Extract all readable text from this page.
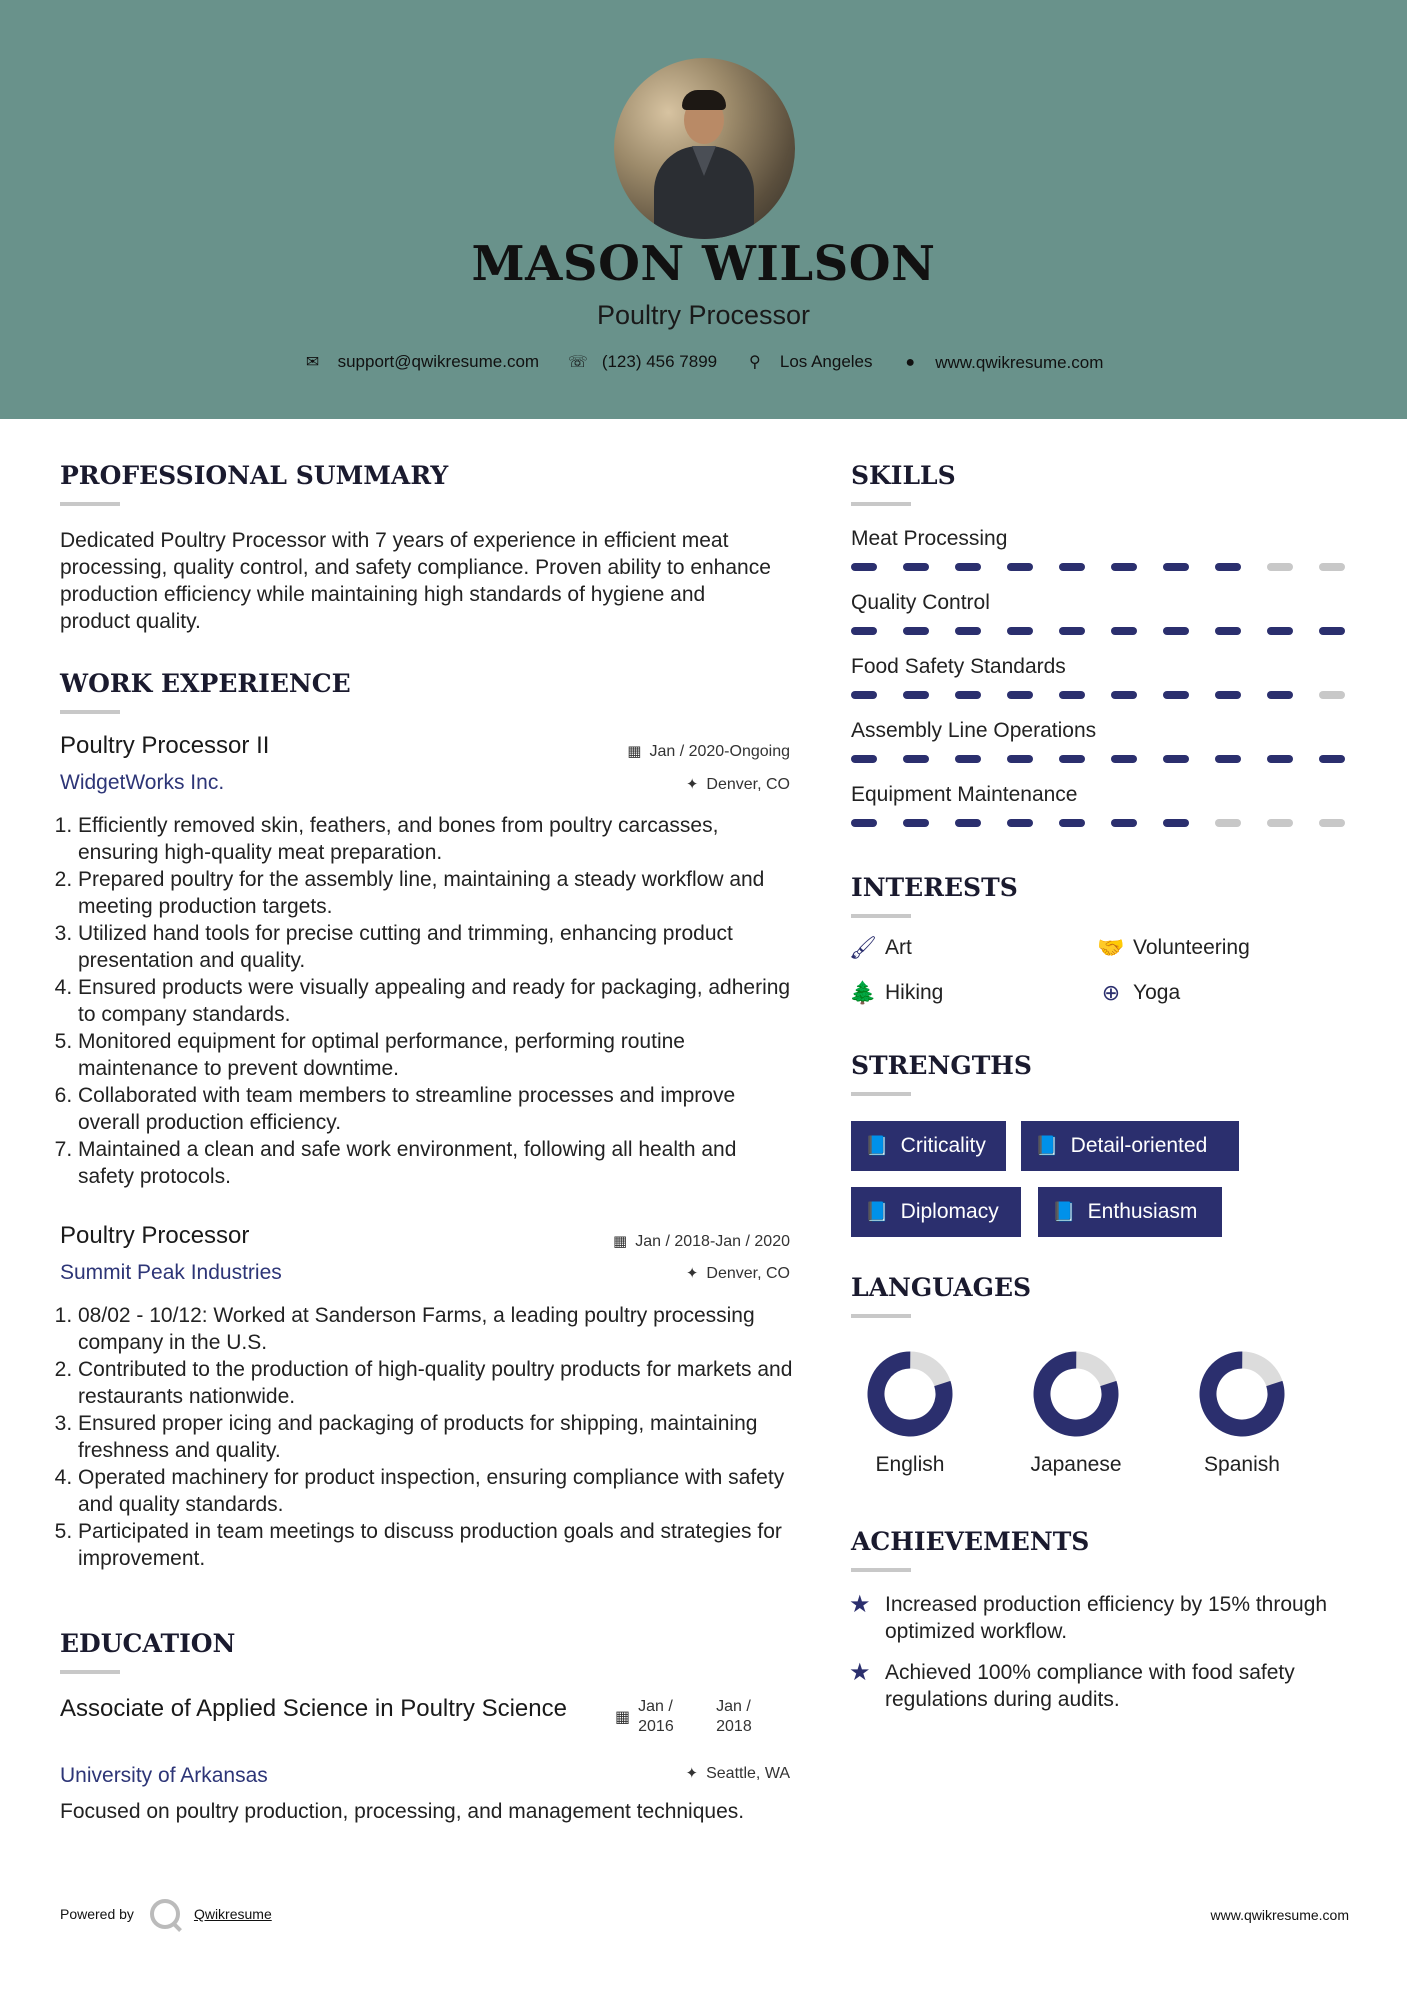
MASON WILSON
Poultry Processor
✉ support@qwikresume.com
☏ (123) 456 7899
⚲ Los Angeles
● www.qwikresume.com
PROFESSIONAL SUMMARY
Dedicated Poultry Processor with 7 years of experience in efficient meat processing, quality control, and safety compliance. Proven ability to enhance production efficiency while maintaining high standards of hygiene and product quality.
WORK EXPERIENCE
Poultry Processor II	▦ Jan / 2020-Ongoing
WidgetWorks Inc.	✦ Denver, CO
1. Efficiently removed skin, feathers, and bones from poultry carcasses, ensuring high-quality meat preparation.
2. Prepared poultry for the assembly line, maintaining a steady workflow and meeting production targets.
3. Utilized hand tools for precise cutting and trimming, enhancing product presentation and quality.
4. Ensured products were visually appealing and ready for packaging, adhering to company standards.
5. Monitored equipment for optimal performance, performing routine maintenance to prevent downtime.
6. Collaborated with team members to streamline processes and improve overall production efficiency.
7. Maintained a clean and safe work environment, following all health and safety protocols.
Poultry Processor	▦ Jan / 2018-Jan / 2020
Summit Peak Industries	✦ Denver, CO
1. 08/02 - 10/12: Worked at Sanderson Farms, a leading poultry processing company in the U.S.
2. Contributed to the production of high-quality poultry products for markets and restaurants nationwide.
3. Ensured proper icing and packaging of products for shipping, maintaining freshness and quality.
4. Operated machinery for product inspection, ensuring compliance with safety and quality standards.
5. Participated in team meetings to discuss production goals and strategies for improvement.
EDUCATION
Associate of Applied Science in Poultry Science	▦
Jan / 2016
Jan / 2018
University of Arkansas	✦ Seattle, WA
Focused on poultry production, processing, and management techniques.
SKILLS
Meat Processing
Quality Control
Food Safety Standards
Assembly Line Operations
Equipment Maintenance
INTERESTS
🖌 Art	🤝 Volunteering
🌲 Hiking	⊕ Yoga
STRENGTHS
📘 Criticality	📘 Detail-oriented
📘 Diplomacy	📘 Enthusiasm
LANGUAGES
English	Japanese	Spanish
ACHIEVEMENTS
★ Increased production efficiency by 15% through optimized workflow.
★ Achieved 100% compliance with food safety regulations during audits.
Powered by	Qwikresume	www.qwikresume.com
